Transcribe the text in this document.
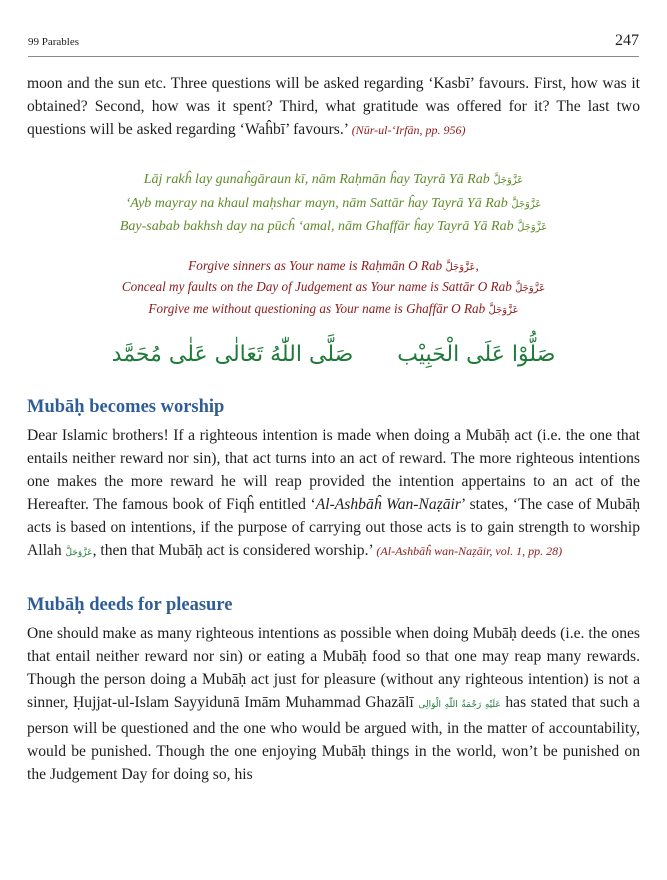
99 Parables	247

moon and the sun etc. Three questions will be asked regarding ‘Kasbī’ favours. First, how was it obtained? Second, how was it spent? Third, what gratitude was offered for it? The last two questions will be asked regarding ‘Waĥbī’ favours.’ (Nūr-ul-‘Irfān, pp. 956)

Lāj rakĥ lay gunaĥgāraun kī, nām Raḥmān ĥay Tayrā Yā Rab عَزَّوَجَلَّ
‘Ayb mayray na khaul maḥshar mayn, nām Sattār ĥay Tayrā Yā Rab عَزَّوَجَلَّ
Bay-sabab bakhsh day na pūcĥ ‘amal, nām Ghaffār ĥay Tayrā Yā Rab عَزَّوَجَلَّ
Forgive sinners as Your name is Raḥmān O Rab عَزَّوَجَلَّ,
Conceal my faults on the Day of Judgement as Your name is Sattār O Rab عَزَّوَجَلَّ
Forgive me without questioning as Your name is Ghaffār O Rab عَزَّوَجَلَّ
صَلُّوْا عَلَى الْحَبِيْب
صَلَّى اللّٰهُ تَعَالٰى عَلٰى مُحَمَّد
Mubāḥ becomes worship

Dear Islamic brothers! If a righteous intention is made when doing a Mubāḥ act (i.e. the one that entails neither reward nor sin), that act turns into an act of reward. The more righteous intentions one makes the more reward he will reap provided the intention appertains to an act of the Hereafter. The famous book of Fiqĥ entitled ‘Al-Ashbāĥ Wan-Naẓāir’ states, ‘The case of Mubāḥ acts is based on intentions, if the purpose of carrying out those acts is to gain strength to worship Allah عَزَّوَجَلَّ, then that Mubāḥ act is considered worship.’ (Al-Ashbāĥ wan-Naẓāir, vol. 1, pp. 28)

Mubāḥ deeds for pleasure

One should make as many righteous intentions as possible when doing Mubāḥ deeds (i.e. the ones that entail neither reward nor sin) or eating a Mubāḥ food so that one may reap many rewards. Though the person doing a Mubāḥ act just for pleasure (without any righteous intention) is not a sinner, Ḥujjat-ul-Islam Sayyidunā Imām Muhammad Ghazālī عَلَيْهِ رَحْمَةُ اللّٰهِ الْوَالِى has stated that such a person will be questioned and the one who would be argued with, in the matter of accountability, would be punished. Though the one enjoying Mubāḥ things in the world, won’t be punished on the Judgement Day for doing so, his
